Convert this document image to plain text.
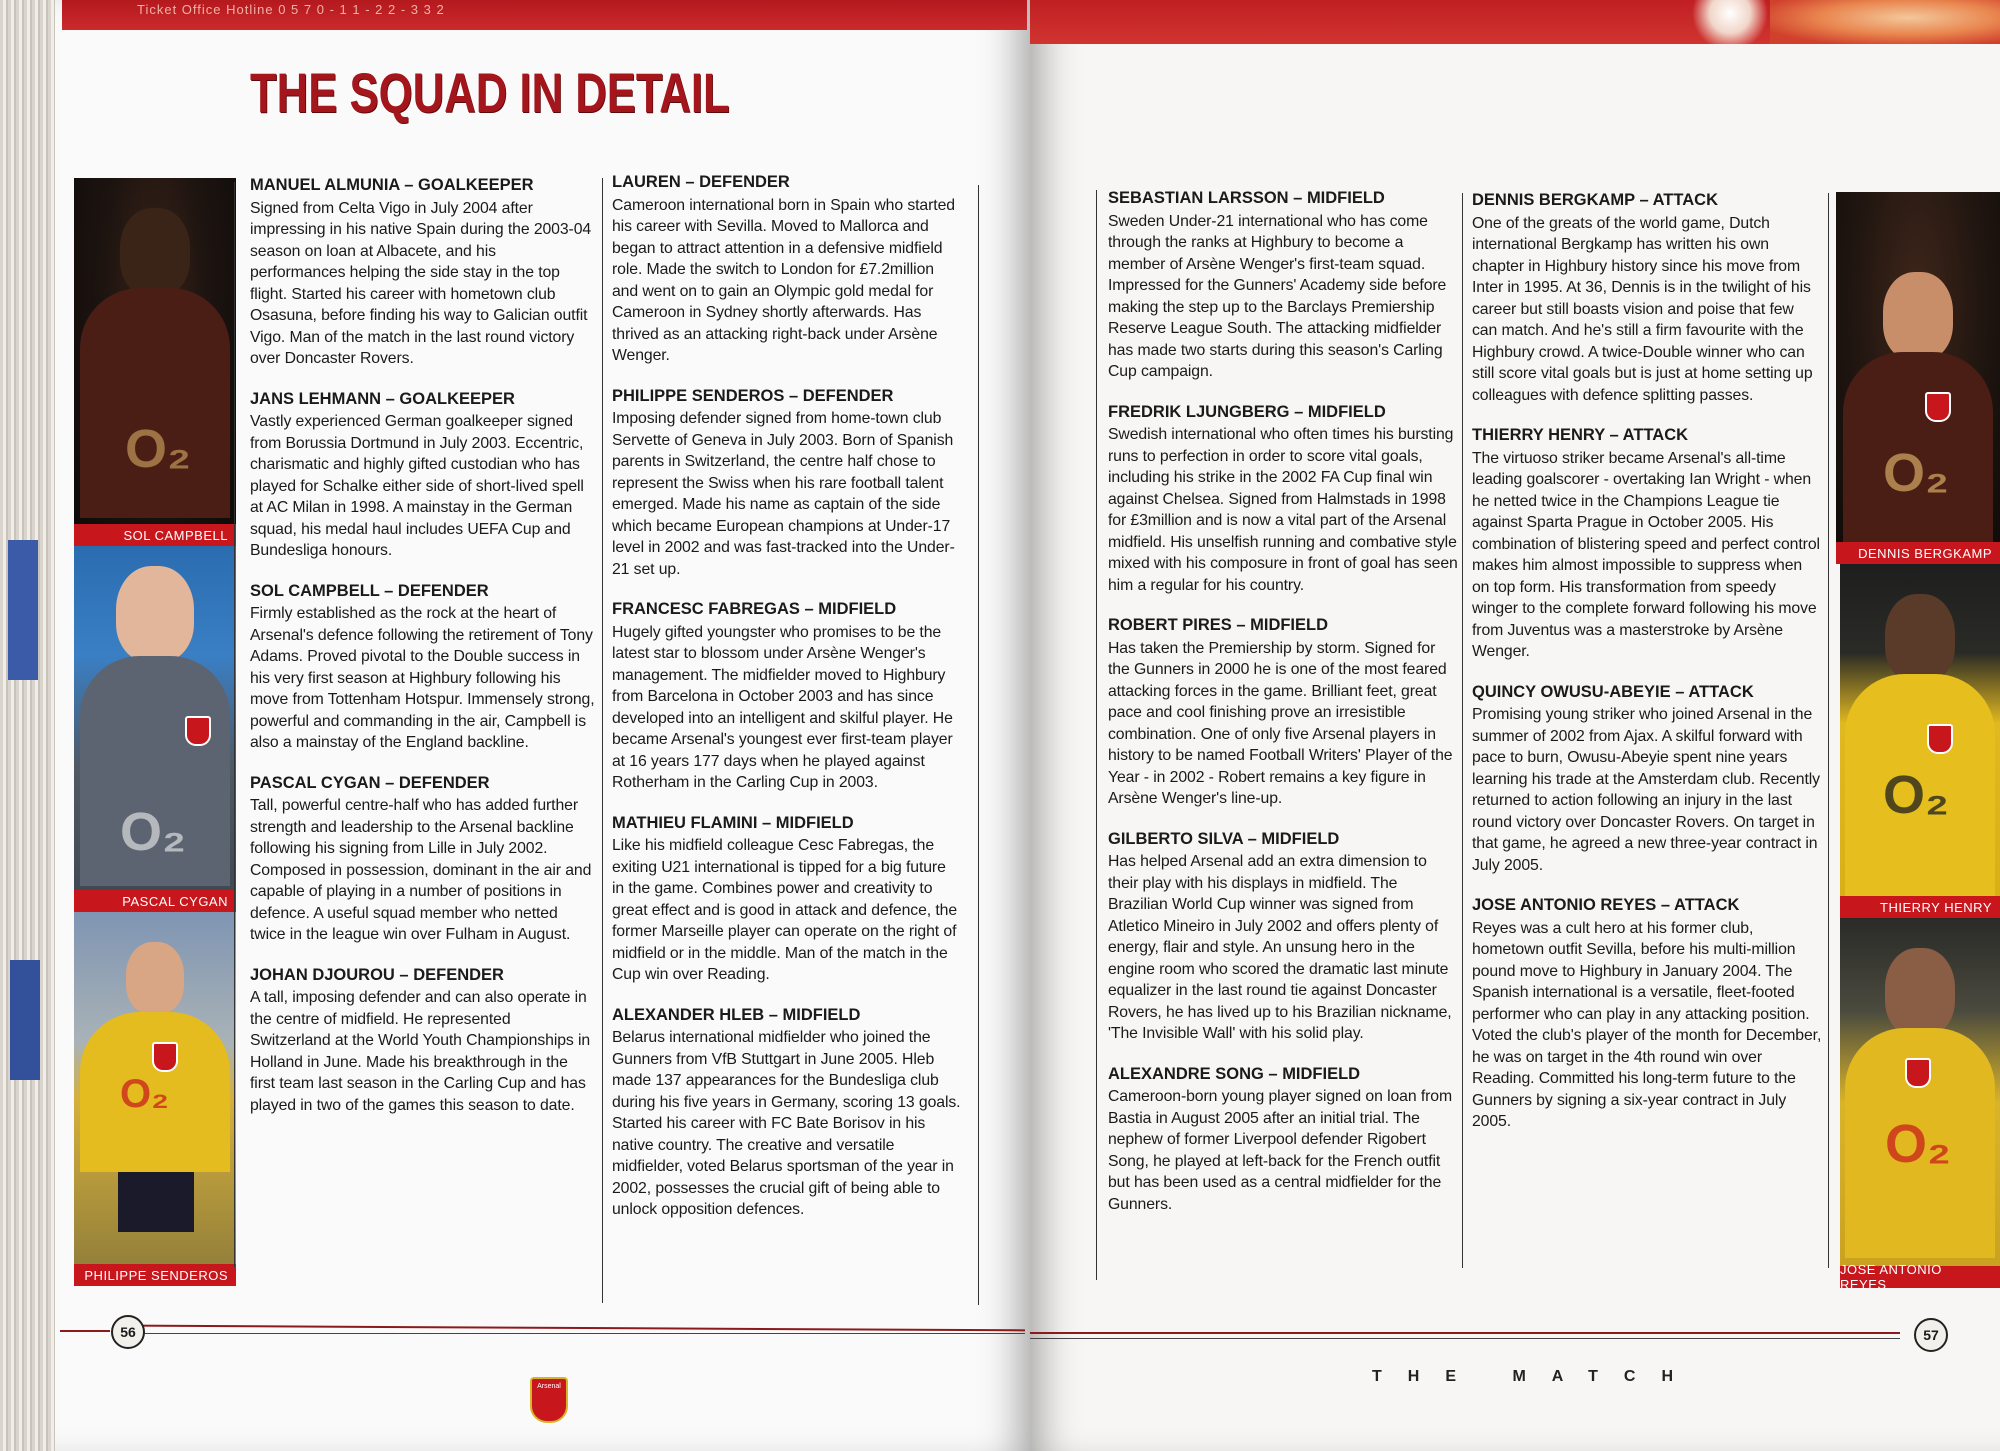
Ticket Office Hotline 0 5 7 0 - 1 1 - 2 2 - 3 3 2
THE SQUAD IN DETAIL
O₂
SOL CAMPBELL
O₂
PASCAL CYGAN
O₂
PHILIPPE SENDEROS
O₂
DENNIS BERGKAMP
O₂
THIERRY HENRY
O₂
JOSE ANTONIO REYES
MANUEL ALMUNIA – GOALKEEPER

Signed from Celta Vigo in July 2004 after impressing in his native Spain during the 2003-04 season on loan at Albacete, and his performances helping the side stay in the top flight. Started his career with hometown club Osasuna, before finding his way to Galician outfit Vigo. Man of the match in the last round victory over Doncaster Rovers.

JANS LEHMANN – GOALKEEPER

Vastly experienced German goalkeeper signed from Borussia Dortmund in July 2003. Eccentric, charismatic and highly gifted custodian who has played for Schalke either side of short-lived spell at AC Milan in 1998. A mainstay in the German squad, his medal haul includes UEFA Cup and Bundesliga honours.

SOL CAMPBELL – DEFENDER

Firmly established as the rock at the heart of Arsenal's defence following the retirement of Tony Adams. Proved pivotal to the Double success in his very first season at Highbury following his move from Tottenham Hotspur. Immensely strong, powerful and commanding in the air, Campbell is also a mainstay of the England backline.

PASCAL CYGAN – DEFENDER

Tall, powerful centre-half who has added further strength and leadership to the Arsenal backline following his signing from Lille in July 2002. Composed in possession, dominant in the air and capable of playing in a number of positions in defence. A useful squad member who netted twice in the league win over Fulham in August.

JOHAN DJOUROU – DEFENDER

A tall, imposing defender and can also operate in the centre of midfield. He represented Switzerland at the World Youth Championships in Holland in June. Made his breakthrough in the first team last season in the Carling Cup and has played in two of the games this season to date.

LAUREN – DEFENDER

Cameroon international born in Spain who started his career with Sevilla. Moved to Mallorca and began to attract attention in a defensive midfield role. Made the switch to London for £7.2million and went on to gain an Olympic gold medal for Cameroon in Sydney shortly afterwards. Has thrived as an attacking right-back under Arsène Wenger.

PHILIPPE SENDEROS – DEFENDER

Imposing defender signed from home-town club Servette of Geneva in July 2003. Born of Spanish parents in Switzerland, the centre half chose to represent the Swiss when his rare football talent emerged. Made his name as captain of the side which became European champions at Under-17 level in 2002 and was fast-tracked into the Under-21 set up.

FRANCESC FABREGAS – MIDFIELD

Hugely gifted youngster who promises to be the latest star to blossom under Arsène Wenger's management. The midfielder moved to Highbury from Barcelona in October 2003 and has since developed into an intelligent and skilful player. He became Arsenal's youngest ever first-team player at 16 years 177 days when he played against Rotherham in the Carling Cup in 2003.

MATHIEU FLAMINI – MIDFIELD

Like his midfield colleague Cesc Fabregas, the exiting U21 international is tipped for a big future in the game. Combines power and creativity to great effect and is good in attack and defence, the former Marseille player can operate on the right of midfield or in the middle. Man of the match in the Cup win over Reading.

ALEXANDER HLEB – MIDFIELD

Belarus international midfielder who joined the Gunners from VfB Stuttgart in June 2005. Hleb made 137 appearances for the Bundesliga club during his five years in Germany, scoring 13 goals. Started his career with FC Bate Borisov in his native country. The creative and versatile midfielder, voted Belarus sportsman of the year in 2002, possesses the crucial gift of being able to unlock opposition defences.

SEBASTIAN LARSSON – MIDFIELD

Sweden Under-21 international who has come through the ranks at Highbury to become a member of Arsène Wenger's first-team squad. Impressed for the Gunners' Academy side before making the step up to the Barclays Premiership Reserve League South. The attacking midfielder has made two starts during this season's Carling Cup campaign.

FREDRIK LJUNGBERG – MIDFIELD

Swedish international who often times his bursting runs to perfection in order to score vital goals, including his strike in the 2002 FA Cup final win against Chelsea. Signed from Halmstads in 1998 for £3million and is now a vital part of the Arsenal midfield. His unselfish running and combative style mixed with his composure in front of goal has seen him a regular for his country.

ROBERT PIRES – MIDFIELD

Has taken the Premiership by storm. Signed for the Gunners in 2000 he is one of the most feared attacking forces in the game. Brilliant feet, great pace and cool finishing prove an irresistible combination. One of only five Arsenal players in history to be named Football Writers' Player of the Year - in 2002 - Robert remains a key figure in Arsène Wenger's line-up.

GILBERTO SILVA – MIDFIELD

Has helped Arsenal add an extra dimension to their play with his displays in midfield. The Brazilian World Cup winner was signed from Atletico Mineiro in July 2002 and offers plenty of energy, flair and style. An unsung hero in the engine room who scored the dramatic last minute equalizer in the last round tie against Doncaster Rovers, he has lived up to his Brazilian nickname, 'The Invisible Wall' with his solid play.

ALEXANDRE SONG – MIDFIELD

Cameroon-born young player signed on loan from Bastia in August 2005 after an initial trial. The nephew of former Liverpool defender Rigobert Song, he played at left-back for the French outfit but has been used as a central midfielder for the Gunners.

DENNIS BERGKAMP – ATTACK

One of the greats of the world game, Dutch international Bergkamp has written his own chapter in Highbury history since his move from Inter in 1995. At 36, Dennis is in the twilight of his career but still boasts vision and poise that few can match. And he's still a firm favourite with the Highbury crowd. A twice-Double winner who can still score vital goals but is just at home setting up colleagues with defence splitting passes.

THIERRY HENRY – ATTACK

The virtuoso striker became Arsenal's all-time leading goalscorer - overtaking Ian Wright - when he netted twice in the Champions League tie against Sparta Prague in October 2005. His combination of blistering speed and perfect control makes him almost impossible to suppress when on top form. His transformation from speedy winger to the complete forward following his move from Juventus was a masterstroke by Arsène Wenger.

QUINCY OWUSU-ABEYIE – ATTACK

Promising young striker who joined Arsenal in the summer of 2002 from Ajax. A skilful forward with pace to burn, Owusu-Abeyie spent nine years learning his trade at the Amsterdam club. Recently returned to action following an injury in the last round victory over Doncaster Rovers. On target in that game, he agreed a new three-year contract in July 2005.

JOSE ANTONIO REYES – ATTACK

Reyes was a cult hero at his former club, hometown outfit Sevilla, before his multi-million pound move to Highbury in January 2004. The Spanish international is a versatile, fleet-footed performer who can play in any attacking position. Voted the club's player of the month for December, he was on target in the 4th round win over Reading. Committed his long-term future to the Gunners by signing a six-year contract in July 2005.

56	57
Arsenal
THE MATCH
